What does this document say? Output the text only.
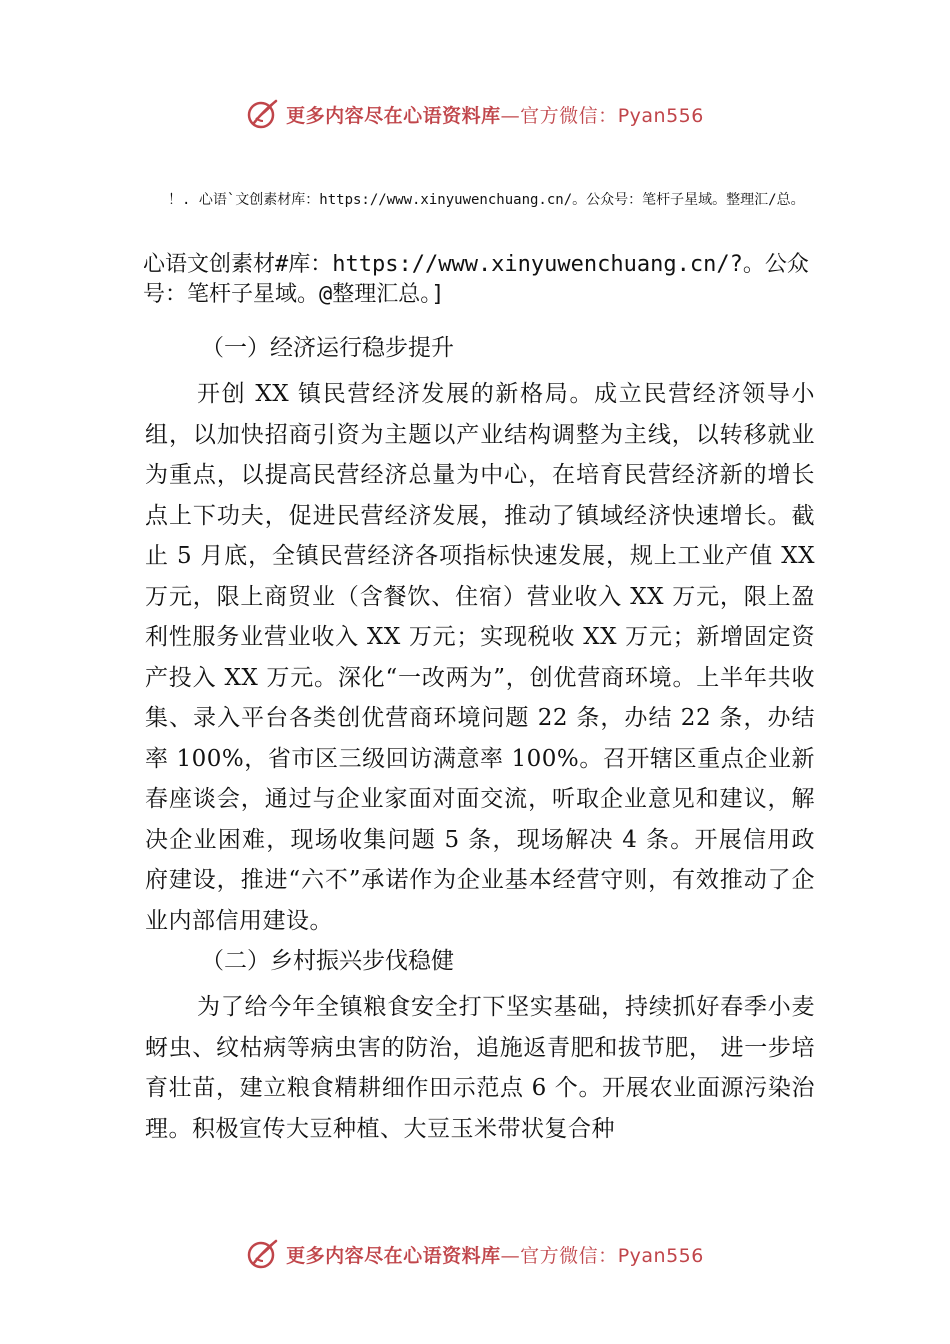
更多内容尽在心语资料库—官方微信：Pyan556
！. 心语`文创素材库：https://www.xinyuwenchuang.cn/。公众号：笔杆子星域。整理汇/总。
心语文创素材#库：https://www.xinyuwenchuang.cn/?。公众号：笔杆子星域。@整理汇总。]

（一）经济运行稳步提升

开创 XX 镇民营经济发展的新格局。成立民营经济领导小组，以加快招商引资为主题以产业结构调整为主线，以转移就业为重点，以提高民营经济总量为中心，在培育民营经济新的增长点上下功夫，促进民营经济发展，推动了镇域经济快速增长。截止 5 月底，全镇民营经济各项指标快速发展，规上工业产值 XX 万元，限上商贸业（含餐饮、住宿）营业收入 XX 万元，限上盈利性服务业营业收入 XX 万元；实现税收 XX 万元；新增固定资产投入 XX 万元。深化“一改两为”，创优营商环境。上半年共收集、录入平台各类创优营商环境问题 22 条，办结 22 条，办结率 100%，省市区三级回访满意率 100%。召开辖区重点企业新春座谈会，通过与企业家面对面交流，听取企业意见和建议，解决企业困难，现场收集问题 5 条，现场解决 4 条。开展信用政府建设，推进“六不”承诺作为企业基本经营守则，有效推动了企业内部信用建设。

（二）乡村振兴步伐稳健

为了给今年全镇粮食安全打下坚实基础，持续抓好春季小麦蚜虫、纹枯病等病虫害的防治，追施返青肥和拔节肥， 进一步培育壮苗，建立粮食精耕细作田示范点 6 个。开展农业面源污染治理。积极宣传大豆种植、大豆玉米带状复合种

更多内容尽在心语资料库—官方微信：Pyan556
